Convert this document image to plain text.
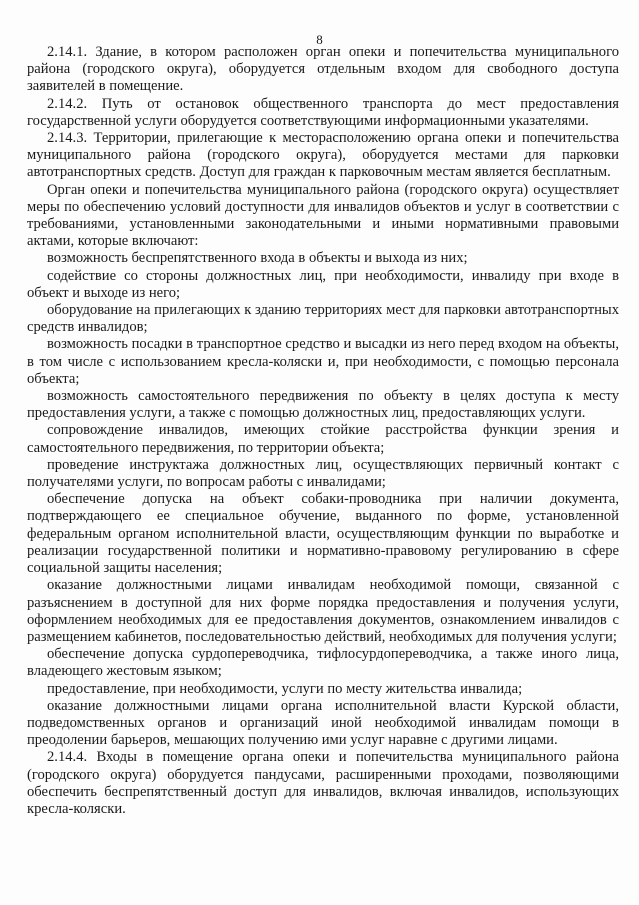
8

2.14.1. Здание, в котором расположен орган опеки и попечительства муниципального района (городского округа), оборудуется отдельным входом для свободного доступа заявителей в помещение.

2.14.2. Путь от остановок общественного транспорта до мест предоставления государственной услуги оборудуется соответствующими информационными указателями.

2.14.3. Территории, прилегающие к месторасположению органа опеки и попечительства муниципального района (городского округа), оборудуется местами для парковки автотранспортных средств. Доступ для граждан к парковочным местам является бесплатным.

Орган опеки и попечительства муниципального района (городского округа) осуществляет меры по обеспечению условий доступности для инвалидов объектов и услуг в соответствии с требованиями, установленными законодательными и иными нормативными правовыми актами, которые включают:

возможность беспрепятственного входа в объекты и выхода из них;

содействие со стороны должностных лиц, при необходимости, инвалиду при входе в объект и выходе из него;

оборудование на прилегающих к зданию территориях мест для парковки автотранспортных средств инвалидов;

возможность посадки в транспортное средство и высадки из него перед входом на объекты, в том числе с использованием кресла-коляски и, при необходимости, с помощью персонала объекта;

возможность самостоятельного передвижения по объекту в целях доступа к месту предоставления услуги, а также с помощью должностных лиц, предоставляющих услуги.

сопровождение инвалидов, имеющих стойкие расстройства функции зрения и самостоятельного передвижения, по территории объекта;

проведение инструктажа должностных лиц, осуществляющих первичный контакт с получателями услуги, по вопросам работы с инвалидами;

обеспечение допуска на объект собаки-проводника при наличии документа, подтверждающего ее специальное обучение, выданного по форме, установленной федеральным органом исполнительной власти, осуществляющим функции по выработке и реализации государственной политики и нормативно-правовому регулированию в сфере социальной защиты населения;

оказание должностными лицами инвалидам необходимой помощи, связанной с разъяснением в доступной для них форме порядка предоставления и получения услуги, оформлением необходимых для ее предоставления документов, ознакомлением инвалидов с размещением кабинетов, последовательностью действий, необходимых для получения услуги;

обеспечение допуска сурдопереводчика, тифлосурдопереводчика, а также иного лица, владеющего жестовым языком;

предоставление, при необходимости, услуги по месту жительства инвалида;

оказание должностными лицами органа исполнительной власти Курской области, подведомственных органов и организаций иной необходимой инвалидам помощи в преодолении барьеров, мешающих получению ими услуг наравне с другими лицами.

2.14.4. Входы в помещение органа опеки и попечительства муниципального района (городского округа) оборудуется пандусами, расширенными проходами, позволяющими обеспечить беспрепятственный доступ для инвалидов, включая инвалидов, использующих кресла-коляски.
